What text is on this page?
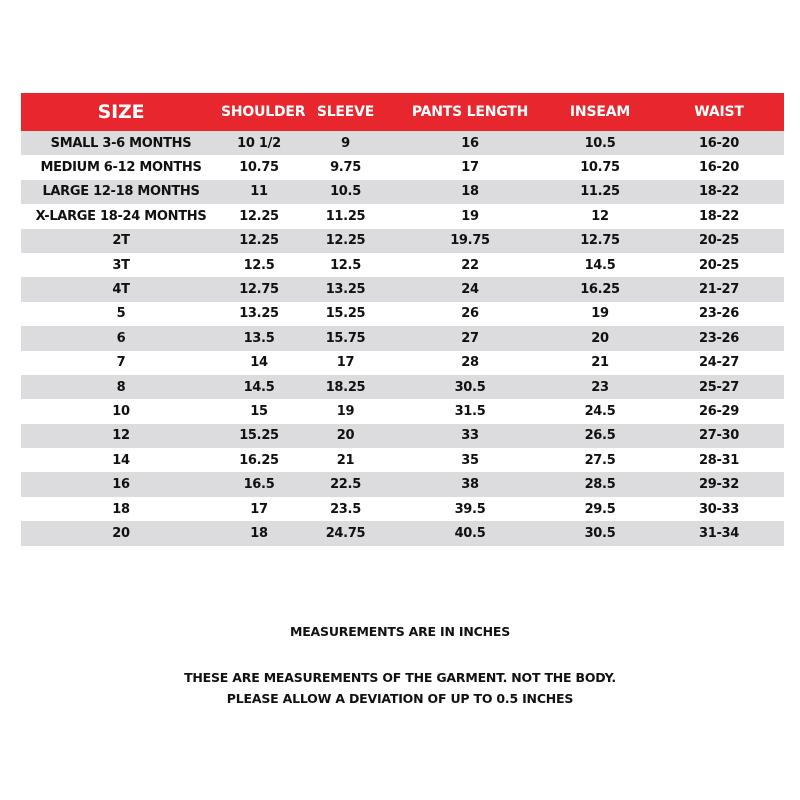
SIZE	SHOULDER	SLEEVE	PANTS LENGTH	INSEAM	WAIST
SMALL 3-6 MONTHS	10 1/2	9	16	10.5	16-20
MEDIUM 6-12 MONTHS	10.75	9.75	17	10.75	16-20
LARGE 12-18 MONTHS	11	10.5	18	11.25	18-22
X-LARGE 18-24 MONTHS	12.25	11.25	19	12	18-22
2T	12.25	12.25	19.75	12.75	20-25
3T	12.5	12.5	22	14.5	20-25
4T	12.75	13.25	24	16.25	21-27
5	13.25	15.25	26	19	23-26
6	13.5	15.75	27	20	23-26
7	14	17	28	21	24-27
8	14.5	18.25	30.5	23	25-27
10	15	19	31.5	24.5	26-29
12	15.25	20	33	26.5	27-30
14	16.25	21	35	27.5	28-31
16	16.5	22.5	38	28.5	29-32
18	17	23.5	39.5	29.5	30-33
20	18	24.75	40.5	30.5	31-34
MEASUREMENTS ARE IN INCHES
THESE ARE MEASUREMENTS OF THE GARMENT. NOT THE BODY.
PLEASE ALLOW A DEVIATION OF UP TO 0.5 INCHES
